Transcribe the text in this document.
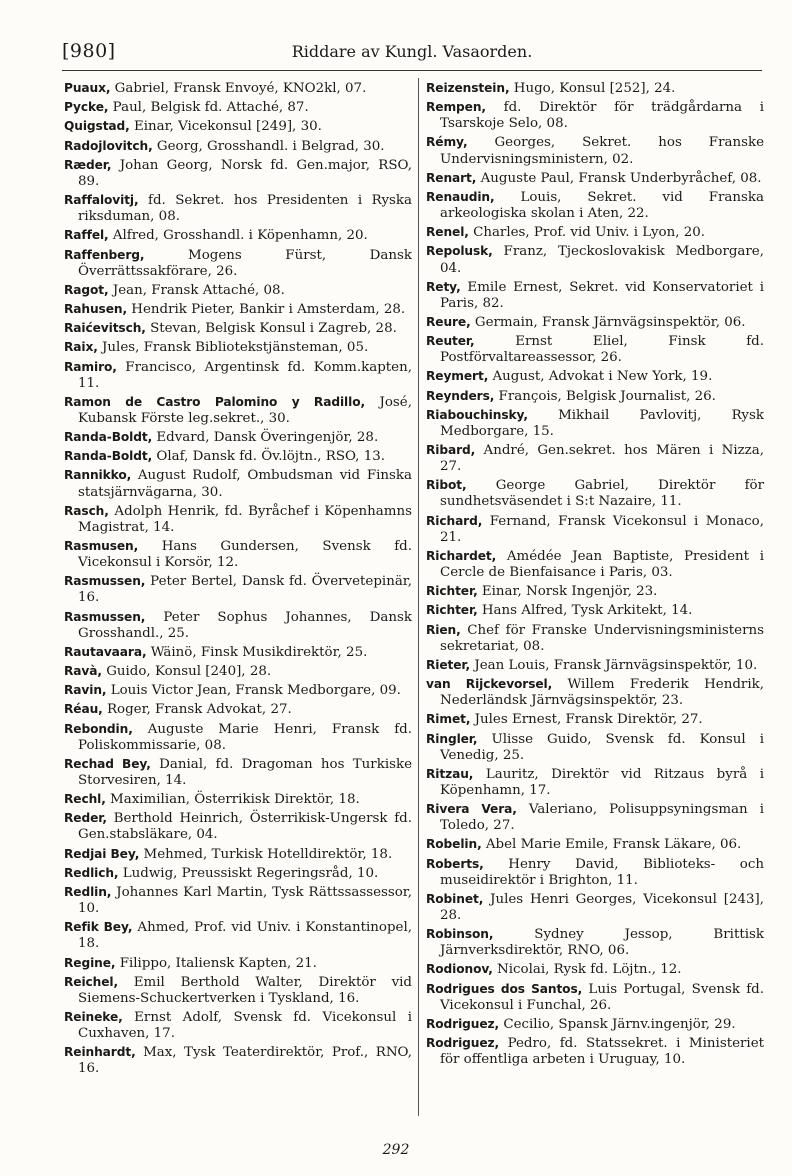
[980]	Riddare av Kungl. Vasaorden.

Puaux, Gabriel, Fransk Envoyé, KNO2kl, 07.

Pycke, Paul, Belgisk fd. Attaché, 87.

Quigstad, Einar, Vicekonsul [249], 30.

Radojlovitch, Georg, Grosshandl. i Belgrad, 30.

Ræder, Johan Georg, Norsk fd. Gen.major, RSO, 89.

Raffalovitj, fd. Sekret. hos Presidenten i Ryska riksduman, 08.

Raffel, Alfred, Grosshandl. i Köpenhamn, 20.

Raffenberg,	Mogens Fürst, Dansk Överrättssakförare, 26.

Ragot, Jean, Fransk Attaché, 08.

Rahusen, Hendrik Pieter, Bankir i Amsterdam, 28.

Raićevitsch, Stevan, Belgisk Konsul i Zagreb, 28.

Raix, Jules, Fransk Bibliotekstjänsteman, 05.

Ramiro, Francisco, Argentinsk fd. Komm.kapten, 11.

Ramon de Castro Palomino y Radillo, José, Kubansk Förste leg.sekret., 30.

Randa-Boldt, Edvard, Dansk Överingenjör, 28.

Randa-Boldt, Olaf, Dansk fd. Öv.löjtn., RSO, 13.

Rannikko, August Rudolf, Ombudsman vid Finska statsjärnvägarna, 30.

Rasch, Adolph Henrik, fd. Byråchef i Köpenhamns Magistrat, 14.

Rasmusen, Hans Gundersen, Svensk fd. Vicekonsul i Korsör, 12.

Rasmussen, Peter Bertel, Dansk fd. Övervetерinär, 16.

Rasmussen, Peter Sophus Johannes, Dansk Grosshandl., 25.

Rautavaara, Wäinö, Finsk Musikdirektör, 25.

Ravà, Guido, Konsul [240], 28.

Ravin, Louis Victor Jean, Fransk Medborgare, 09.

Réau, Roger, Fransk Advokat, 27.

Rebondin, Auguste Marie Henri, Fransk fd. Poliskommissarie, 08.

Rechad Bey, Danial, fd. Dragoman hos Turkiske Storvesiren, 14.

Rechl, Maximilian, Österrikisk Direktör, 18.

Reder, Berthold Heinrich, Österrikisk-Ungersk fd. Gen.stabsläkare, 04.

Redjai Bey, Mehmed, Turkisk Hotelldirektör, 18.

Redlich, Ludwig, Preussiskt Regeringsråd, 10.

Redlin, Johannes Karl Martin, Tysk Rättssassessor, 10.

Refik Bey, Ahmed, Prof. vid Univ. i Konstantinopel, 18.

Regine, Filippo, Italiensk Kapten, 21.

Reichel, Emil Berthold Walter, Direktör vid Siemens-Schuckertverken i Tyskland, 16.

Reineke, Ernst Adolf, Svensk fd. Vicekonsul i Cuxhaven, 17.

Reinhardt, Max, Tysk Teaterdirektör, Prof., RNO, 16.

Reizenstein, Hugo, Konsul [252], 24.

Rempen, fd. Direktör för trädgårdarna i Tsarskoje Selo, 08.

Rémy, Georges, Sekret. hos Franske Undervisningsministern, 02.

Renart, Auguste Paul, Fransk Underbyråchef, 08.

Renaudin, Louis, Sekret. vid Franska arkeologiska skolan i Aten, 22.

Renel, Charles, Prof. vid Univ. i Lyon, 20.

Repolusk, Franz, Tjeckoslovakisk Medborgare, 04.

Rety, Emile Ernest, Sekret. vid Konservatoriet i Paris, 82.

Reure, Germain, Fransk Järnvägsinspektör, 06.

Reuter,	Ernst Eliel, Finsk fd. Postförvaltareassessor, 26.

Reymert, August, Advokat i New York, 19.

Reynders, François, Belgisk Journalist, 26.

Riabouchinsky, Mikhail Pavlovitj, Rysk Medborgare, 15.

Ribard, André, Gen.sekret. hos Mären i Nizza, 27.

Ribot, George Gabriel, Direktör för sundhetsväsendet i S:t Nazaire, 11.

Richard, Fernand, Fransk Vicekonsul i Monaco, 21.

Richardet, Amédée Jean Baptiste, President i Cercle de Bienfaisance i Paris, 03.

Richter, Einar, Norsk Ingenjör, 23.

Richter, Hans Alfred, Tysk Arkitekt, 14.

Rien, Chef för Franske Undervisningsministerns sekretariat, 08.

Rieter, Jean Louis, Fransk Järnvägsinspektör, 10.

van Rijckevorsel, Willem Frederik Hendrik, Nederländsk Järnvägsinspektör, 23.

Rimet, Jules Ernest, Fransk Direktör, 27.

Ringler, Ulisse Guido, Svensk fd. Konsul i Venedig, 25.

Ritzau, Lauritz, Direktör vid Ritzaus byrå i Köpenhamn, 17.

Rivera Vera, Valeriano, Polisuppsyningsman i Toledo, 27.

Robelin, Abel Marie Emile, Fransk Läkare, 06.

Roberts, Henry David, Biblioteks- och museidirektör i Brighton, 11.

Robinet, Jules Henri Georges, Vicekonsul [243], 28.

Robinson,	Sydney Jessop, Brittisk Järnverksdirektör, RNO, 06.

Rodionov, Nicolai, Rysk fd. Löjtn., 12.

Rodrigues dos Santos, Luis Portugal, Svensk fd. Vicekonsul i Funchal, 26.

Rodriguez, Cecilio, Spansk Järnv.ingenjör, 29.

Rodriguez, Pedro, fd. Statssekret. i Ministeriet för offentliga arbeten i Uruguay, 10.

292
